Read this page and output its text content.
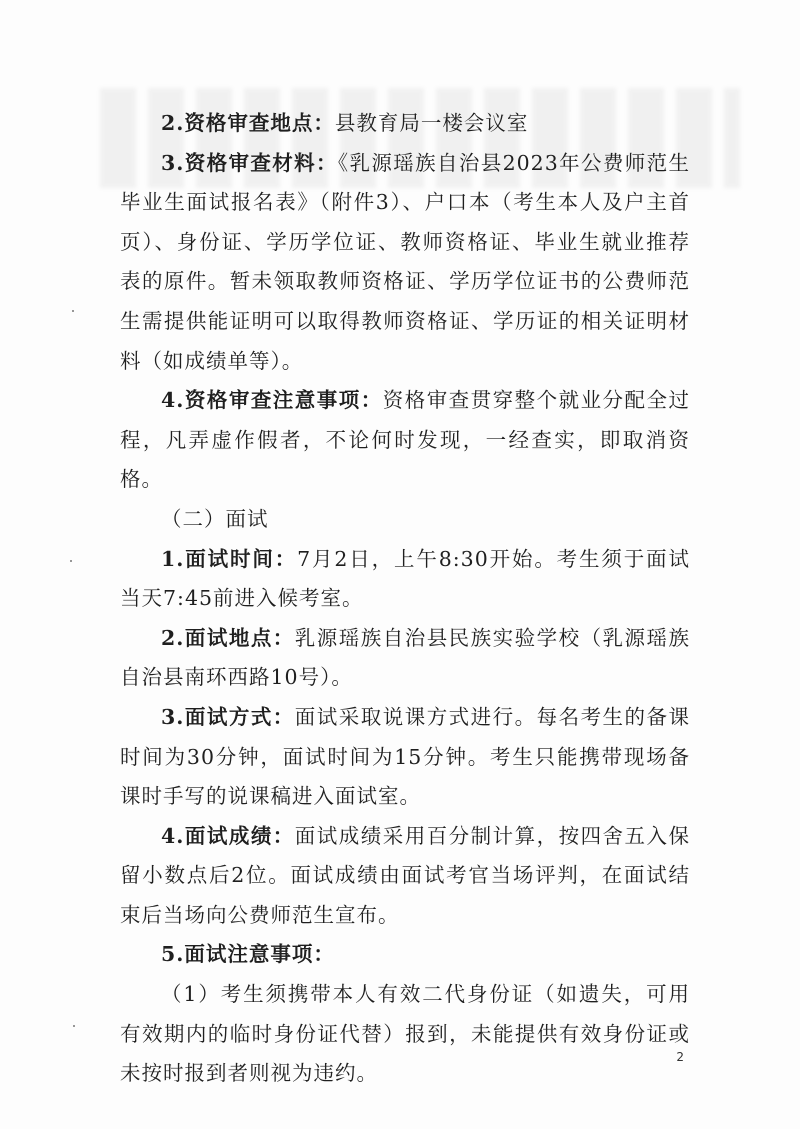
2.资格审查地点：县教育局一楼会议室

3.资格审查材料：《乳源瑶族自治县2023年公费师范生毕业生面试报名表》（附件3）、户口本（考生本人及户主首页）、身份证、学历学位证、教师资格证、毕业生就业推荐表的原件。暂未领取教师资格证、学历学位证书的公费师范生需提供能证明可以取得教师资格证、学历证的相关证明材料（如成绩单等）。

4.资格审查注意事项：资格审查贯穿整个就业分配全过程，凡弄虚作假者，不论何时发现，一经查实，即取消资格。

（二）面试

1.面试时间：7月2日，上午8:30开始。考生须于面试当天7:45前进入候考室。

2.面试地点：乳源瑶族自治县民族实验学校（乳源瑶族自治县南环西路10号）。

3.面试方式：面试采取说课方式进行。每名考生的备课时间为30分钟，面试时间为15分钟。考生只能携带现场备课时手写的说课稿进入面试室。

4.面试成绩：面试成绩采用百分制计算，按四舍五入保留小数点后2位。面试成绩由面试考官当场评判，在面试结束后当场向公费师范生宣布。

5.面试注意事项：

（1）考生须携带本人有效二代身份证（如遗失，可用有效期内的临时身份证代替）报到，未能提供有效身份证或未按时报到者则视为违约。

2
